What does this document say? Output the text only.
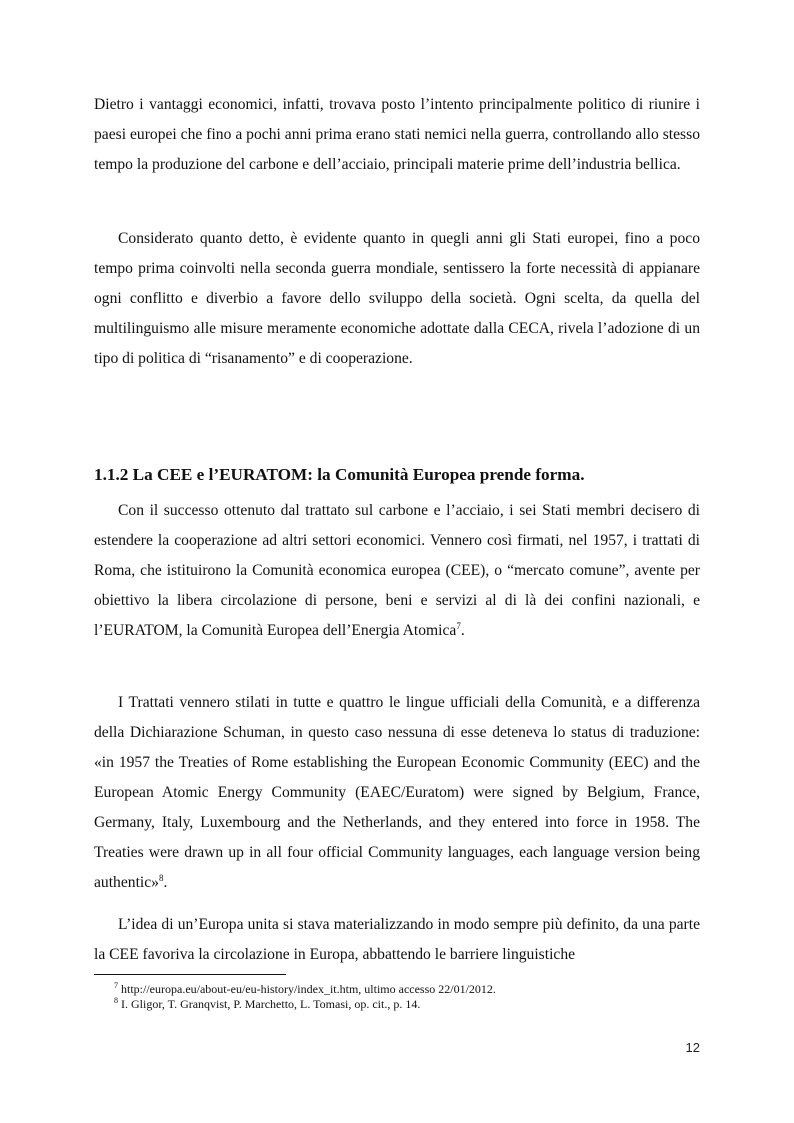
Dietro i vantaggi economici, infatti, trovava posto l’intento principalmente politico di riunire i paesi europei che fino a pochi anni prima erano stati nemici nella guerra, controllando allo stesso tempo la produzione del carbone e dell’acciaio, principali materie prime dell’industria bellica.

Considerato quanto detto, è evidente quanto in quegli anni gli Stati europei, fino a poco tempo prima coinvolti nella seconda guerra mondiale, sentissero la forte necessità di appianare ogni conflitto e diverbio a favore dello sviluppo della società. Ogni scelta, da quella del multilinguismo alle misure meramente economiche adottate dalla CECA, rivela l’adozione di un tipo di politica di “risanamento” e di cooperazione.

1.1.2 La CEE e l’EURATOM: la Comunità Europea prende forma.

Con il successo ottenuto dal trattato sul carbone e l’acciaio, i sei Stati membri decisero di estendere la cooperazione ad altri settori economici. Vennero così firmati, nel 1957, i trattati di Roma, che istituirono la Comunità economica europea (CEE), o “mercato comune”, avente per obiettivo la libera circolazione di persone, beni e servizi al di là dei confini nazionali, e l’EURATOM, la Comunità Europea dell’Energia Atomica$^7$.

I Trattati vennero stilati in tutte e quattro le lingue ufficiali della Comunità, e a differenza della Dichiarazione Schuman, in questo caso nessuna di esse deteneva lo status di traduzione: «in 1957 the Treaties of Rome establishing the European Economic Community (EEC) and the European Atomic Energy Community (EAEC/Euratom) were signed by Belgium, France, Germany, Italy, Luxembourg and the Netherlands, and they entered into force in 1958. The Treaties were drawn up in all four official Community languages, each language version being authentic»$^8$.

L’idea di un’Europa unita si stava materializzando in modo sempre più definito, da una parte la CEE favoriva la circolazione in Europa, abbattendo le barriere linguistiche

$^7$ http://europa.eu/about-eu/eu-history/index_it.htm, ultimo accesso 22/01/2012.

$^8$ I. Gligor, T. Granqvist, P. Marchetto, L. Tomasi, op. cit., p. 14.

12
